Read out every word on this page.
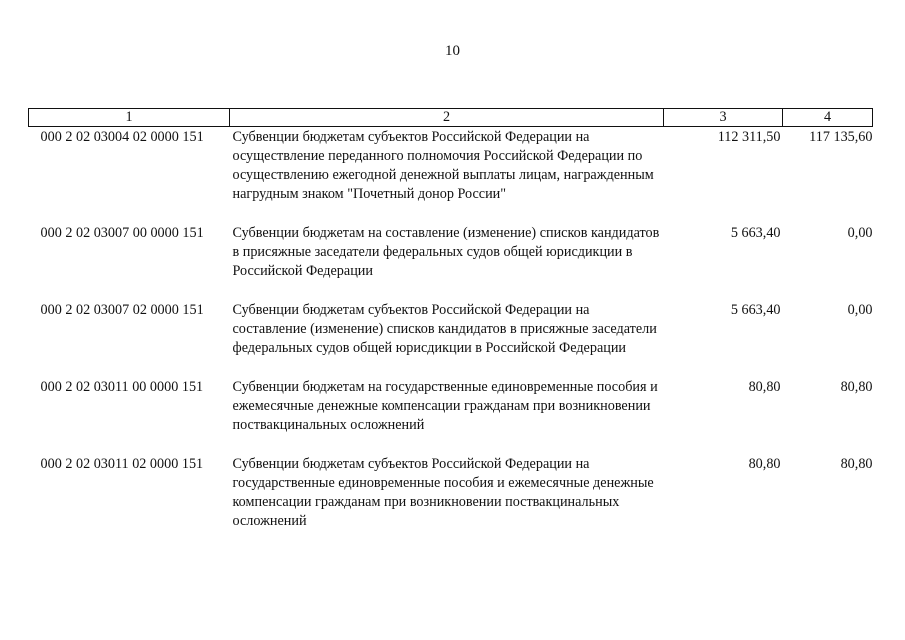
10
1	2	3	4
000 2 02 03004 02 0000 151	Субвенции бюджетам субъектов Российской Федерации на осуществление переданного полномочия Российской Федерации по осуществлению ежегодной денежной выплаты лицам, награжденным нагрудным знаком "Почетный донор России"	112 311,50	117 135,60
000 2 02 03007 00 0000 151	Субвенции бюджетам на составление (изменение) списков кандидатов в присяжные заседатели федеральных судов общей юрисдикции в Российской Федерации	5 663,40	0,00
000 2 02 03007 02 0000 151	Субвенции бюджетам субъектов Российской Федерации на составление (изменение) списков кандидатов в присяжные заседатели федеральных судов общей юрисдикции в Российской Федерации	5 663,40	0,00
000 2 02 03011 00 0000 151	Субвенции бюджетам на государственные единовременные пособия и ежемесячные денежные компенсации гражданам при возникновении поствакцинальных осложнений	80,80	80,80
000 2 02 03011 02 0000 151	Субвенции бюджетам субъектов Российской Федерации на государственные единовременные пособия и ежемесячные денежные компенсации гражданам при возникновении поствакцинальных осложнений	80,80	80,80
